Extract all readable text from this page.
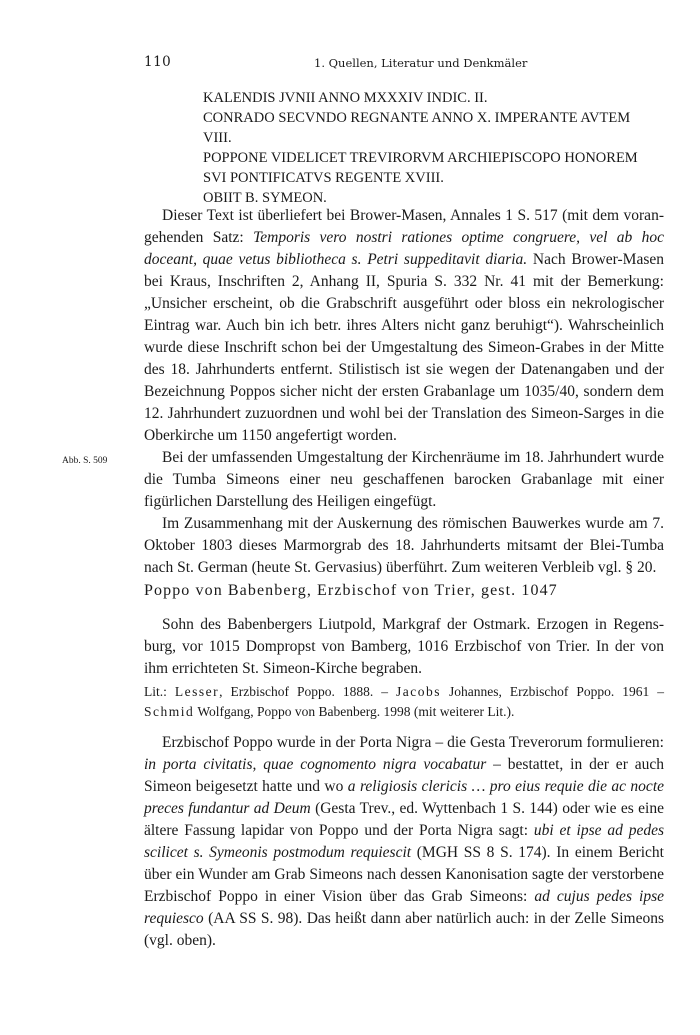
110	1. Quellen, Literatur und Denkmäler
KALENDIS JVNII ANNO MXXXIV INDIC. II.
CONRADO SECVNDO REGNANTE ANNO X. IMPERANTE AVTEM
VIII.
POPPONE VIDELICET TREVIRORVM ARCHIEPISCOPO HONOREM
SVI PONTIFICATVS REGENTE XVIII.
OBIIT B. SYMEON.

Dieser Text ist überliefert bei Brower-Masen, Annales 1 S. 517 (mit dem vorangehenden Satz: Temporis vero nostri rationes optime congruere, vel ab hoc doceant, quae vetus bibliotheca s. Petri suppeditavit diaria. Nach Brower-Masen bei Kraus, Inschriften 2, Anhang II, Spuria S. 332 Nr. 41 mit der Bemerkung: „Unsicher erscheint, ob die Grabschrift ausgeführt oder bloss ein nekrologischer Eintrag war. Auch bin ich betr. ihres Alters nicht ganz beruhigt“). Wahrscheinlich wurde diese Inschrift schon bei der Umgestaltung des Simeon-Grabes in der Mitte des 18. Jahrhunderts entfernt. Stilistisch ist sie wegen der Datenangaben und der Bezeichnung Poppos sicher nicht der ersten Grabanlage um 1035/40, sondern dem 12. Jahrhundert zuzuordnen und wohl bei der Translation des Simeon-Sarges in die Oberkirche um 1150 angefertigt worden.

Bei der umfassenden Umgestaltung der Kirchenräume im 18. Jahrhundert wurde die Tumba Simeons einer neu geschaffenen barocken Grabanlage mit einer figürlichen Darstellung des Heiligen eingefügt.

Im Zusammenhang mit der Auskernung des römischen Bauwerkes wurde am 7. Oktober 1803 dieses Marmorgrab des 18. Jahrhunderts mitsamt der Blei-Tumba nach St. German (heute St. Gervasius) überführt. Zum weiteren Verbleib vgl. § 20.

Abb. S. 509
Poppo von Babenberg, Erzbischof von Trier, gest. 1047

Sohn des Babenbergers Liutpold, Markgraf der Ostmark. Erzogen in Regensburg, vor 1015 Dompropst von Bamberg, 1016 Erzbischof von Trier. In der von ihm errichteten St. Simeon-Kirche begraben.

Lit.: Lesser, Erzbischof Poppo. 1888. – Jacobs Johannes, Erzbischof Poppo. 1961 – Schmid Wolfgang, Poppo von Babenberg. 1998 (mit weiterer Lit.).

Erzbischof Poppo wurde in der Porta Nigra – die Gesta Treverorum formulieren: in porta civitatis, quae cognomento nigra vocabatur – bestattet, in der er auch Simeon beigesetzt hatte und wo a religiosis clericis … pro eius requie die ac nocte preces fundantur ad Deum (Gesta Trev., ed. Wyttenbach 1 S. 144) oder wie es eine ältere Fassung lapidar von Poppo und der Porta Nigra sagt: ubi et ipse ad pedes scilicet s. Symeonis postmodum requiescit (MGH SS 8 S. 174). In einem Bericht über ein Wunder am Grab Simeons nach dessen Kanonisation sagte der verstorbene Erzbischof Poppo in einer Vision über das Grab Simeons: ad cujus pedes ipse requiesco (AA SS S. 98). Das heißt dann aber natürlich auch: in der Zelle Simeons (vgl. oben).
